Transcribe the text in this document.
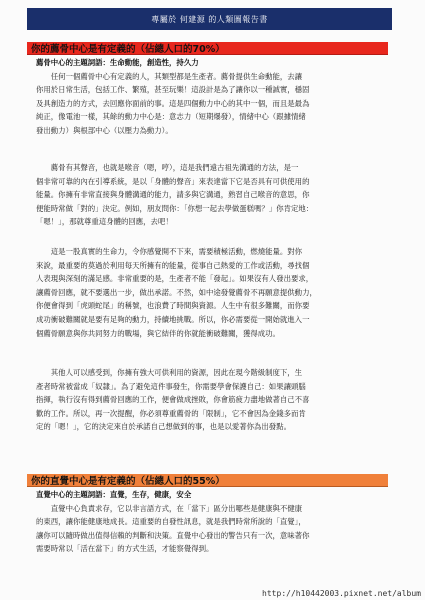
專屬於 何建源 的人類圖報告書
你的薦骨中心是有定義的（佔總人口的70%）
薦骨中心的主題詞語：生命動能，創造性，持久力
　　任何一個薦骨中心有定義的人，其類型都是生產者。薦骨提供生命動能，去讓
你用於日常生活，包括工作、繁殖，甚至玩樂！這設計是為了讓你以一種誠實，穩固
及具創造力的方式，去回應你面前的事。這是四個動力中心的其中一個，而且是最為
純正，像電池一樣，其餘的動力中心是：意志力（短期爆發），情緒中心（跟據情緒
發出動力）與根部中心（以壓力為動力）。
　　薦骨有其聲音，也就是喉音（嗯，哼），這是我們遠古祖先溝通的方法，是一
個非常可靠的內在引導系統，是以「身體的聲音」來表達當下它是否具有可供使用的
能量。你擁有非常直接與身體溝通的能力，請多與它溝通，熟習自己喉音的意思，你
便能時常做「對的」決定。例如，朋友問你：「你想一起去學做蛋糕嗎？」你肯定地：
「嗯！」，那就尊重這身體的回應，去吧！
　　這是一股真實的生命力，令你感覺開不下來，需要積極活動，燃燒能量。對你
來說，最重要的莫過於利用每天所擁有的能量，從事自己熱愛的工作或活動，尋找個
人表現與深刻的滿足感。非常重要的是，生產者不能「發起」。如果沒有人發出要求，
讓薦骨回應，就不要選出一步，做出承諾。不然，如中途發覺薦骨不再願意提供動力，
你便會得到「虎頭蛇尾」的稱號，也浪費了時間與資源。人生中有很多難關，而你要
成功衝破難關就是要有足夠的動力，持續地挑戰。所以，你必需要從一開始就進入一
個薦骨願意與你共同努力的戰場，與它結伴的你就能衝破難關，獲得成功。
　　其他人可以感受到，你擁有強大可供利用的資源，因此在現今階級制度下，生
產者時常被當成「奴隸」。為了避免這件事發生，你需要學會保護自己：如果讓頭腦
指揮，執行沒有得到薦骨回應的工作，便會做成挫敗，你會筋疲力盡地做著自己不喜
歡的工作。所以，再一次提醒，你必須尊重薦骨的「限制」，它不會因為金錢多而肯
定的「嗯！」，它的決定來自於承諾自己想做到的事，也是以愛著你為出發點。
你的直覺中心是有定義的（佔總人口的55%）
直覺中心的主題詞語：直覺，生存，健康，安全
　　直覺中心負責求存，它以非言語方式，在「當下」區分出哪些是健康與不健康
的東西，讓你能健康地成長。這重要的自發性訊息，就是我們時常所說的「直覺」，
讓你可以隨時做出值得信賴的判斷和決策。直覺中心發出的警告只有一次，意味著你
需要時常以「活在當下」的方式生活，才能察覺得到。
http://h10442003.pixnet.net/album
